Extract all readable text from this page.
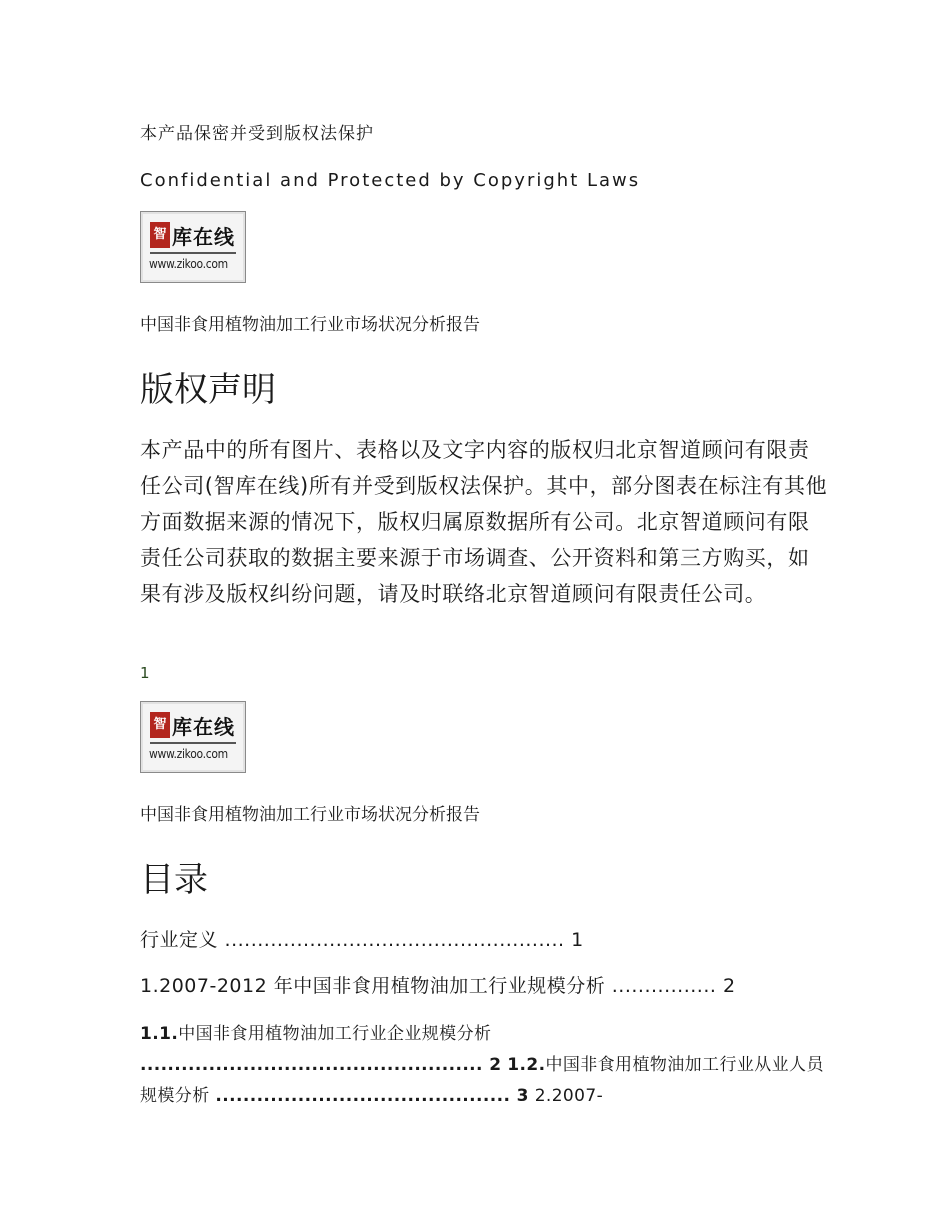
本产品保密并受到版权法保护
Confidential and Protected by Copyright Laws
智 库在线
www.zikoo.com
中国非食用植物油加工行业市场状况分析报告
版权声明
本产品中的所有图片、表格以及文字内容的版权归北京智道顾问有限责任公司(智库在线)所有并受到版权法保护。其中，部分图表在标注有其他方面数据来源的情况下，版权归属原数据所有公司。北京智道顾问有限责任公司获取的数据主要来源于市场调查、公开资料和第三方购买，如果有涉及版权纠纷问题，请及时联络北京智道顾问有限责任公司。
1
智 库在线
www.zikoo.com
中国非食用植物油加工行业市场状况分析报告
目录
行业定义 .................................................... 1
1.2007-2012 年中国非食用植物油加工行业规模分析 ................ 2
1.1.中国非食用植物油加工行业企业规模分析 .................................................. 2 1.2.中国非食用植物油加工行业从业人员规模分析 ........................................... 3 2.2007-
